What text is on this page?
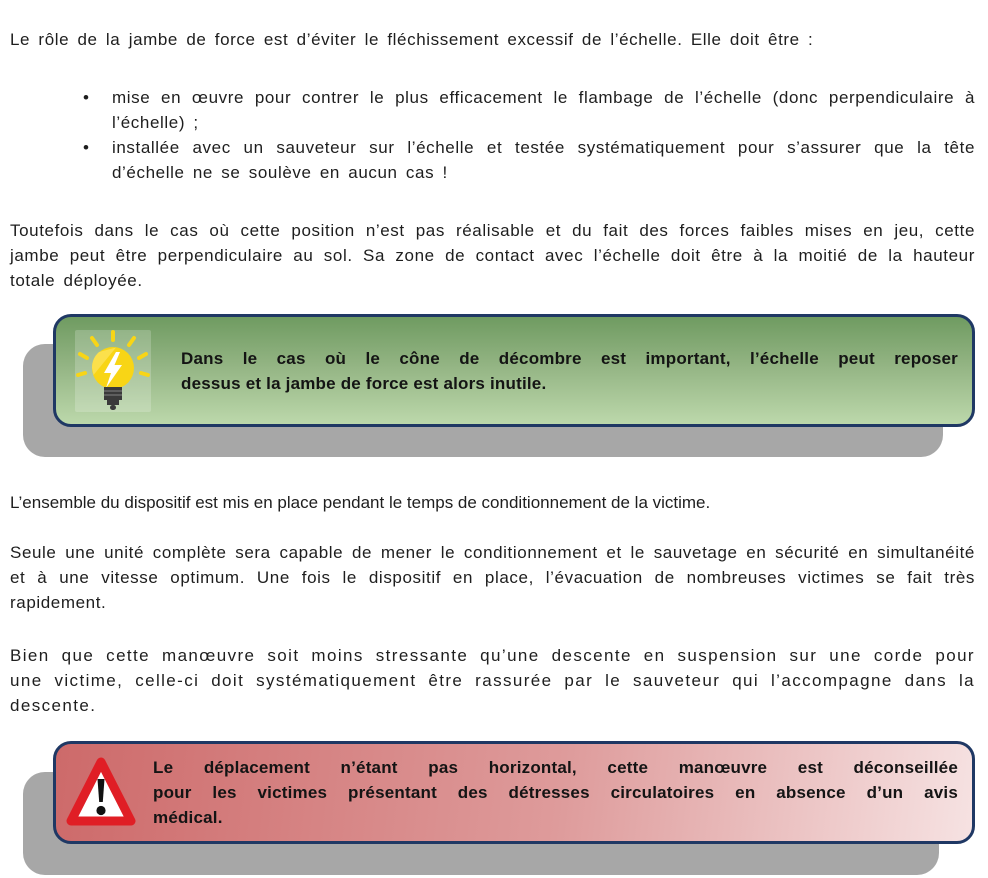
Le rôle de la jambe de force est d’éviter le fléchissement excessif de l’échelle. Elle doit être :

• mise en œuvre pour contrer le plus efficacement le flambage de l’échelle (donc perpendiculaire à l’échelle) ;
• installée avec un sauveteur sur l’échelle et testée systématiquement pour s’assurer que la tête d’échelle ne se soulève en aucun cas !

Toutefois dans le cas où cette position n’est pas réalisable et du fait des forces faibles mises en jeu, cette jambe peut être perpendiculaire au sol. Sa zone de contact avec l’échelle doit être à la moitié de la hauteur totale déployée.

Dans le cas où le cône de décombre est important, l’échelle peut reposer
dessus et la jambe de force est alors inutile.

L’ensemble du dispositif est mis en place pendant le temps de conditionnement de la victime.

Seule une unité complète sera capable de mener le conditionnement et le sauvetage en sécurité en simultanéité et à une vitesse optimum. Une fois le dispositif en place, l’évacuation de nombreuses victimes se fait très rapidement.

Bien que cette manœuvre soit moins stressante qu’une descente en suspension sur une corde pour une victime, celle-ci doit systématiquement être rassurée par le sauveteur qui l’accompagne dans la descente.

Le déplacement n’étant pas horizontal, cette manœuvre est déconseillée
pour les victimes présentant des détresses circulatoires en absence d’un avis
médical.
